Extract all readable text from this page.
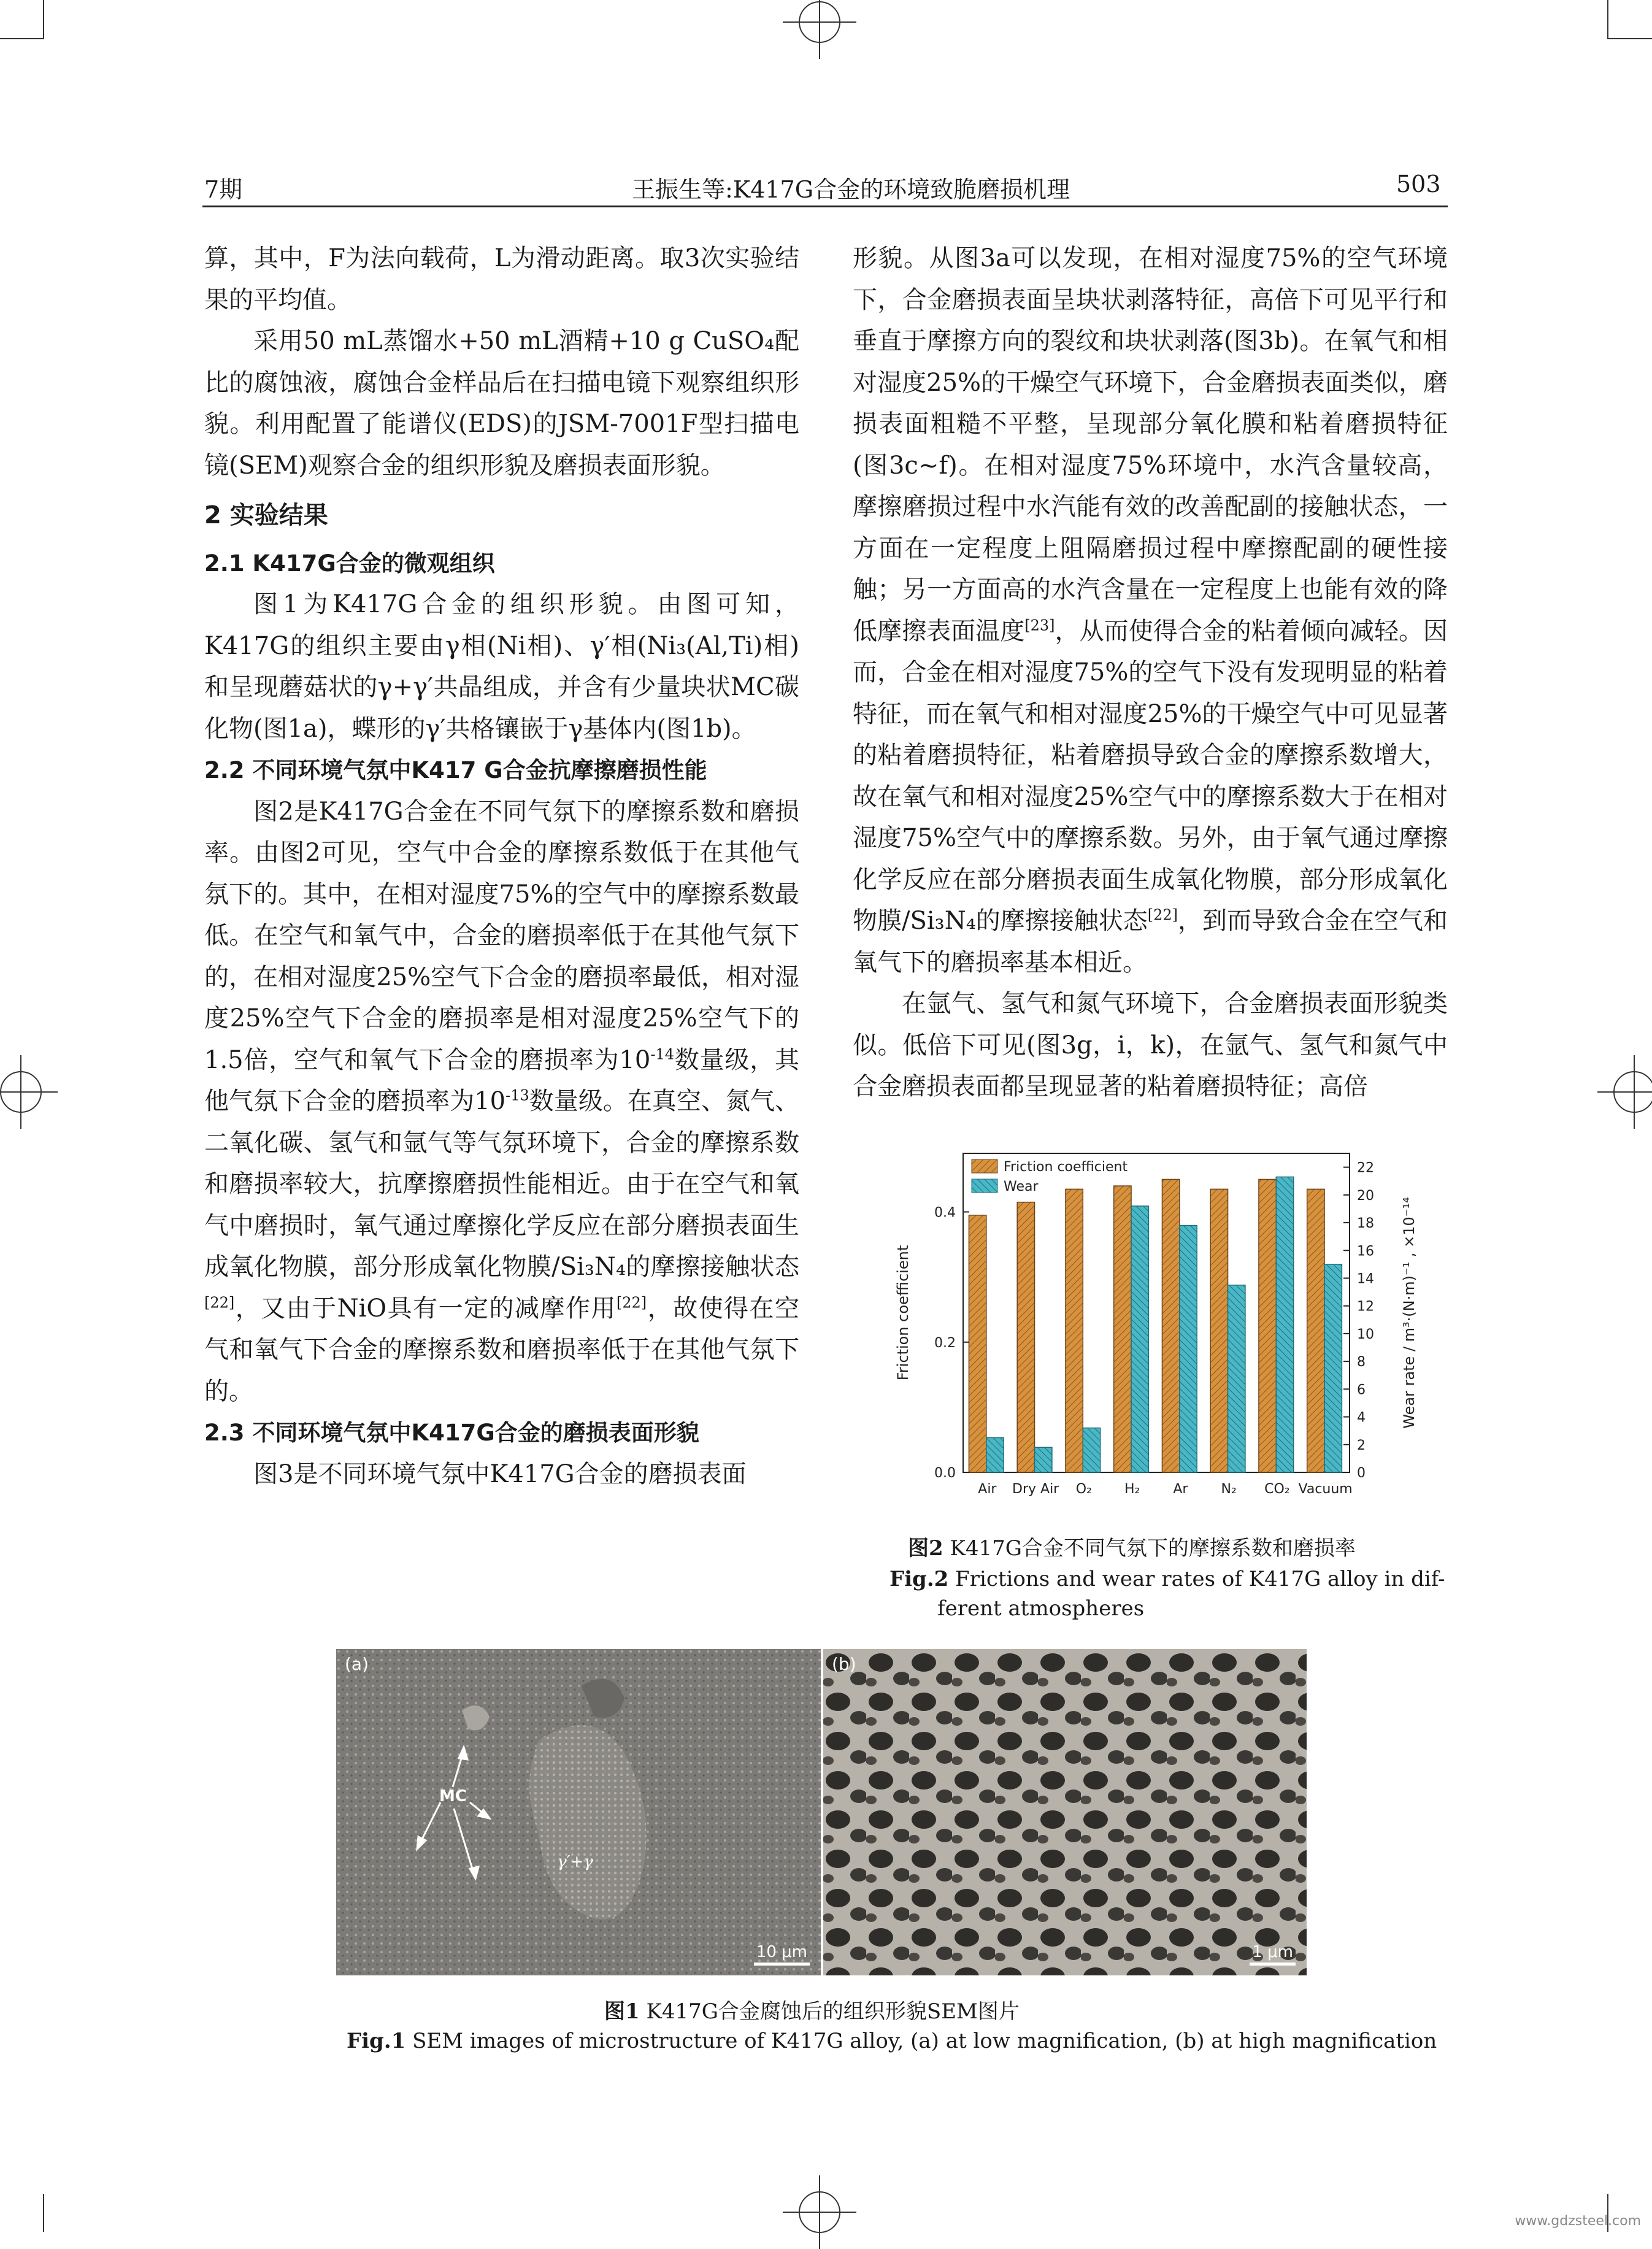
7期	王振生等:K417G合金的环境致脆磨损机理	503

算，其中，F为法向载荷，L为滑动距离。取3次实验结果的平均值。

采用50 mL蒸馏水+50 mL酒精+10 g CuSO₄配比的腐蚀液，腐蚀合金样品后在扫描电镜下观察组织形貌。利用配置了能谱仪(EDS)的JSM-7001F型扫描电镜(SEM)观察合金的组织形貌及磨损表面形貌。

2 实验结果

2.1 K417G合金的微观组织

图1为K417G合金的组织形貌。由图可知，K417G的组织主要由γ相(Ni相)、γ′相(Ni₃(Al,Ti)相)和呈现蘑菇状的γ+γ′共晶组成，并含有少量块状MC碳化物(图1a)，蝶形的γ′共格镶嵌于γ基体内(图1b)。

2.2 不同环境气氛中K417 G合金抗摩擦磨损性能

图2是K417G合金在不同气氛下的摩擦系数和磨损率。由图2可见，空气中合金的摩擦系数低于在其他气氛下的。其中，在相对湿度75%的空气中的摩擦系数最低。在空气和氧气中，合金的磨损率低于在其他气氛下的，在相对湿度25%空气下合金的磨损率最低，相对湿度25%空气下合金的磨损率是相对湿度25%空气下的1.5倍，空气和氧气下合金的磨损率为$10^{-14}$数量级，其他气氛下合金的磨损率为$10^{-13}$数量级。在真空、氮气、二氧化碳、氢气和氩气等气氛环境下，合金的摩擦系数和磨损率较大，抗摩擦磨损性能相近。由于在空气和氧气中磨损时，氧气通过摩擦化学反应在部分磨损表面生成氧化物膜，部分形成氧化物膜/Si₃N₄的摩擦接触状态[22]，又由于NiO具有一定的减摩作用[22]，故使得在空气和氧气下合金的摩擦系数和磨损率低于在其他气氛下的。

2.3 不同环境气氛中K417G合金的磨损表面形貌

图3是不同环境气氛中K417G合金的磨损表面

形貌。从图3a可以发现，在相对湿度75%的空气环境下，合金磨损表面呈块状剥落特征，高倍下可见平行和垂直于摩擦方向的裂纹和块状剥落(图3b)。在氧气和相对湿度25%的干燥空气环境下，合金磨损表面类似，磨损表面粗糙不平整，呈现部分氧化膜和粘着磨损特征(图3c~f)。在相对湿度75%环境中，水汽含量较高，摩擦磨损过程中水汽能有效的改善配副的接触状态，一方面在一定程度上阻隔磨损过程中摩擦配副的硬性接触；另一方面高的水汽含量在一定程度上也能有效的降低摩擦表面温度[23]，从而使得合金的粘着倾向减轻。因而，合金在相对湿度75%的空气下没有发现明显的粘着特征，而在氧气和相对湿度25%的干燥空气中可见显著的粘着磨损特征，粘着磨损导致合金的摩擦系数增大，故在氧气和相对湿度25%空气中的摩擦系数大于在相对湿度75%空气中的摩擦系数。另外，由于氧气通过摩擦化学反应在部分磨损表面生成氧化物膜，部分形成氧化物膜/Si₃N₄的摩擦接触状态[22]，到而导致合金在空气和氧气下的磨损率基本相近。

在氩气、氢气和氮气环境下，合金磨损表面形貌类似。低倍下可见(图3g，i，k)，在氩气、氢气和氮气中合金磨损表面都呈现显著的粘着磨损特征；高倍

Air Dry Air O₂ H₂ Ar N₂ CO₂ Vacuum
0.0
0.2
0.4
0
2
4
6
8
10
12
14
16
18
20
22
Friction coefficient	Wear rate / m³·(N·m)⁻¹ , ×10⁻¹⁴
Friction coefficient
Wear
图2 K417G合金不同气氛下的摩擦系数和磨损率
Fig.2 Frictions and wear rates of K417G alloy in dif-
ferent atmospheres
MC
γ′+γ
(a)
10 μm
(b)
1 μm
图1 K417G合金腐蚀后的组织形貌SEM图片
Fig.1 SEM images of microstructure of K417G alloy, (a) at low magnification, (b) at high magnification
www.gdzsteel.com
